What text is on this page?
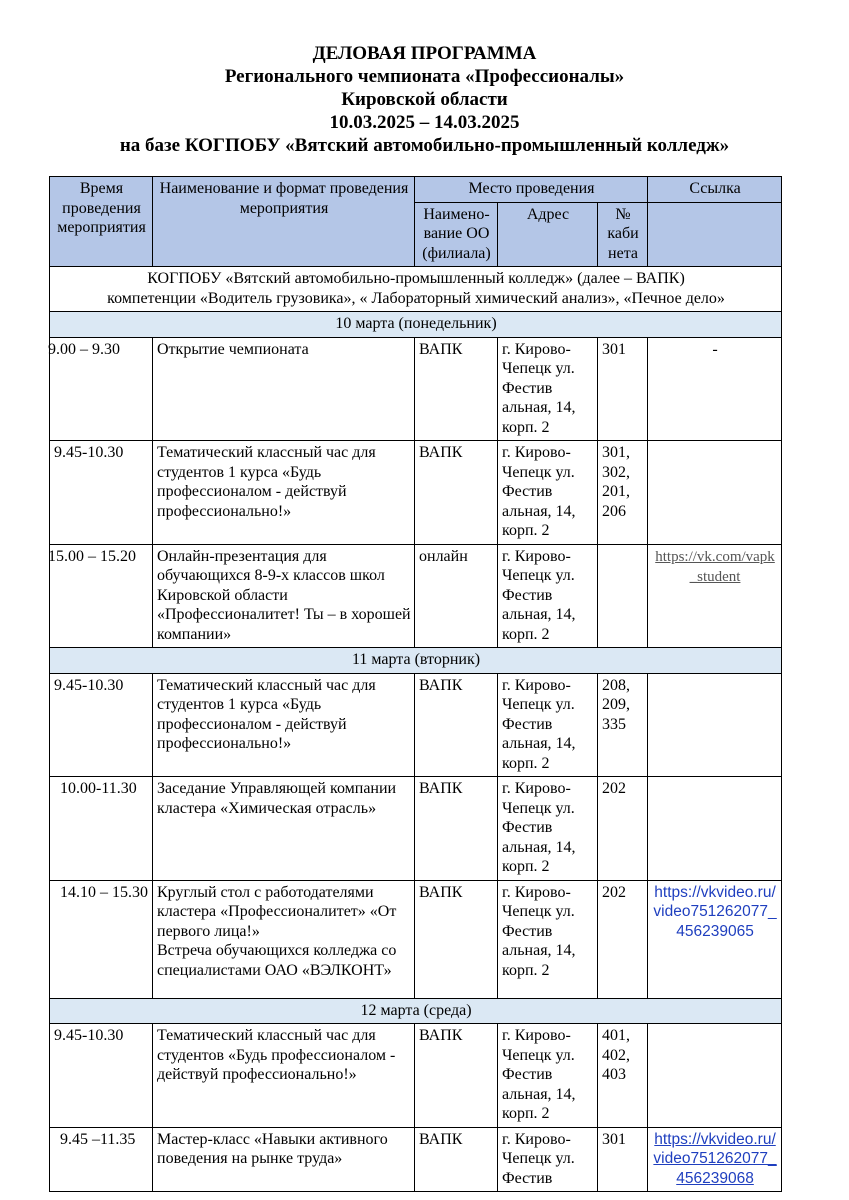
ДЕЛОВАЯ ПРОГРАММА
Регионального чемпионата «Профессионалы»
Кировской области
10.03.2025 – 14.03.2025
на базе КОГПОБУ «Вятский автомобильно-промышленный колледж»
Время проведения мероприятия	Наименование и формат проведения мероприятия	Место проведения			Ссылка
		Наимено-вание ОО (филиала)	Адрес	№ каби нета	

КОГПОБУ «Вятский автомобильно-промышленный колледж» (далее – ВАПК)
компетенции «Водитель грузовика», « Лабораторный химический анализ», «Печное дело»					

10 марта (понедельник)					
9.00 – 9.30	Открытие чемпионата	ВАПК	г. Кирово-Чепецк ул. Фестив альная, 14, корп. 2	301	-
9.45-10.30	Тематический классный час для студентов 1 курса «Будь профессионалом - действуй профессионально!»	ВАПК	г. Кирово-Чепецк ул. Фестив альная, 14, корп. 2	301, 302, 201, 206	
15.00 – 15.20	Онлайн-презентация для обучающихся 8-9-х классов школ Кировской области «Профессионалитет! Ты – в хорошей компании»	онлайн	г. Кирово-Чепецк ул. Фестив альная, 14, корп. 2		https://vk.com/vapk_student
11 марта (вторник)					
9.45-10.30	Тематический классный час для студентов 1 курса «Будь профессионалом - действуй профессионально!»	ВАПК	г. Кирово-Чепецк ул. Фестив альная, 14, корп. 2	208, 209, 335	
10.00-11.30	Заседание Управляющей компании кластера «Химическая отрасль»	ВАПК	г. Кирово-Чепецк ул. Фестив альная, 14, корп. 2	202	
14.10 – 15.30	Круглый стол с работодателями кластера «Профессионалитет» «От первого лица!»
Встреча обучающихся колледжа со специалистами ОАО «ВЭЛКОНТ»	ВАПК	г. Кирово-Чепецк ул. Фестив альная, 14, корп. 2	202	https://vkvideo.ru/video751262077_456239065
12 марта (среда)					
9.45-10.30	Тематический классный час для студентов «Будь профессионалом - действуй профессионально!»	ВАПК	г. Кирово-Чепецк ул. Фестив альная, 14, корп. 2	401, 402, 403	
9.45 –11.35	Мастер-класс «Навыки активного поведения на рынке труда»	ВАПК	г. Кирово-Чепецк ул. Фестив	301	https://vkvideo.ru/video751262077_456239068
